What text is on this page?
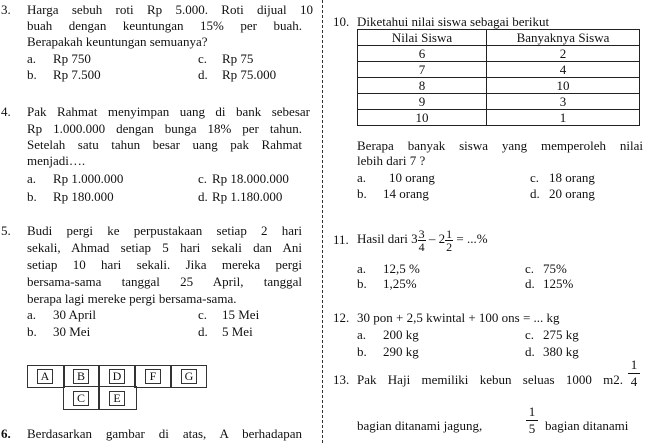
3. Harga sebuh roti Rp 5.000. Roti dijual 10
buah dengan keuntungan 15% per buah.
Berapakah keuntungan semuanya?
a. Rp 750	c. Rp 75
b. Rp 7.500	d. Rp 75.000
4. Pak Rahmat menyimpan uang di bank sebesar
Rp 1.000.000 dengan bunga 18% per tahun.
Setelah satu tahun besar uang pak Rahmat
menjadi….
a. Rp 1.000.000	c. Rp 18.000.000
b. Rp 180.000	d. Rp 1.180.000
5. Budi pergi ke perpustakaan setiap 2 hari
sekali, Ahmad setiap 5 hari sekali dan Ani
setiap 10 hari sekali. Jika mereka pergi
bersama-sama tanggal 25 April, tanggal
berapa lagi mereke pergi bersama-sama.
a. 30 April	c. 15 Mei
b. 30 Mei	d. 5 Mei
A	B	D	F	G
C	E
6. Berdasarkan gambar di atas, A berhadapan
10. Diketahui nilai siswa sebagai berikut
Nilai Siswa	Banyaknya Siswa
6	2
7	4
8	10
9	3
10	1
Berapa banyak siswa yang memperoleh nilai
lebih dari 7 ?
a. 10 orang	c. 18 orang
b. 14 orang	d. 20 orang
11. Hasil dari $3 \frac{3}{4} - 2 \frac{1}{2}$ = ...%
a. 12,5 %	c. 75%
b. 1,25%	d. 125%
12. 30 pon + 2,5 kwintal + 100 ons = ... kg
a. 200 kg	c. 275 kg
b. 290 kg	d. 380 kg
13. Pak Haji memiliki kebun seluas 1000 m2. $\frac{1}{4}$
bagian ditanami jagung,	$\frac{1}{5}$ bagian ditanami
